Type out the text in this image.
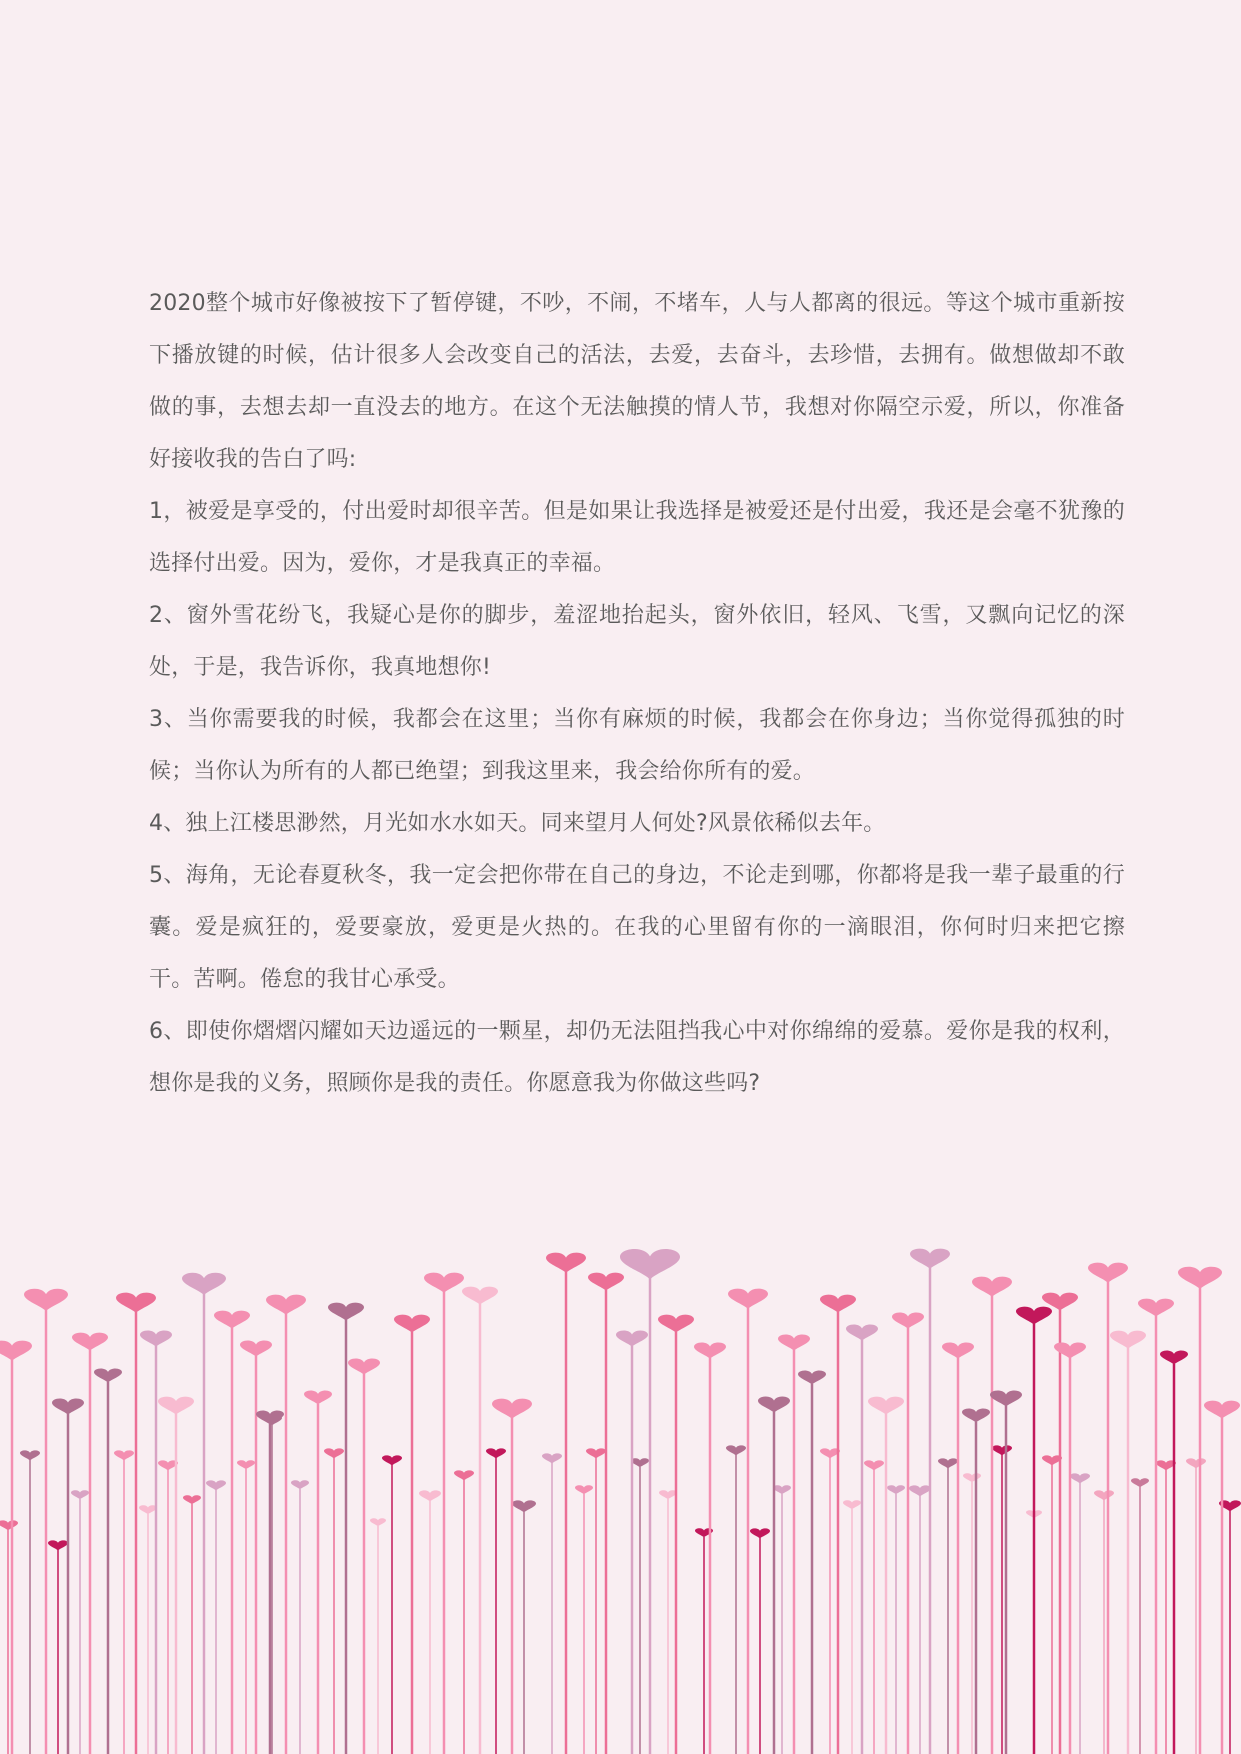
2020整个城市好像被按下了暂停键，不吵，不闹，不堵车，人与人都离的很远。等这个城市重新按下播放键的时候，估计很多人会改变自己的活法，去爱，去奋斗，去珍惜，去拥有。做想做却不敢做的事，去想去却一直没去的地方。在这个无法触摸的情人节，我想对你隔空示爱，所以，你准备好接收我的告白了吗:

1，被爱是享受的，付出爱时却很辛苦。但是如果让我选择是被爱还是付出爱，我还是会毫不犹豫的选择付出爱。因为，爱你，才是我真正的幸福。

2、窗外雪花纷飞，我疑心是你的脚步，羞涩地抬起头，窗外依旧，轻风、飞雪，又飘向记忆的深处，于是，我告诉你，我真地想你!

3、当你需要我的时候，我都会在这里；当你有麻烦的时候，我都会在你身边；当你觉得孤独的时候；当你认为所有的人都已绝望；到我这里来，我会给你所有的爱。

4、独上江楼思渺然，月光如水水如天。同来望月人何处?风景依稀似去年。

5、海角，无论春夏秋冬，我一定会把你带在自己的身边，不论走到哪，你都将是我一辈子最重的行囊。爱是疯狂的，爱要豪放，爱更是火热的。在我的心里留有你的一滴眼泪，你何时归来把它擦干。苦啊。倦怠的我甘心承受。

6、即使你熠熠闪耀如天边遥远的一颗星，却仍无法阻挡我心中对你绵绵的爱慕。爱你是我的权利，想你是我的义务，照顾你是我的责任。你愿意我为你做这些吗?
